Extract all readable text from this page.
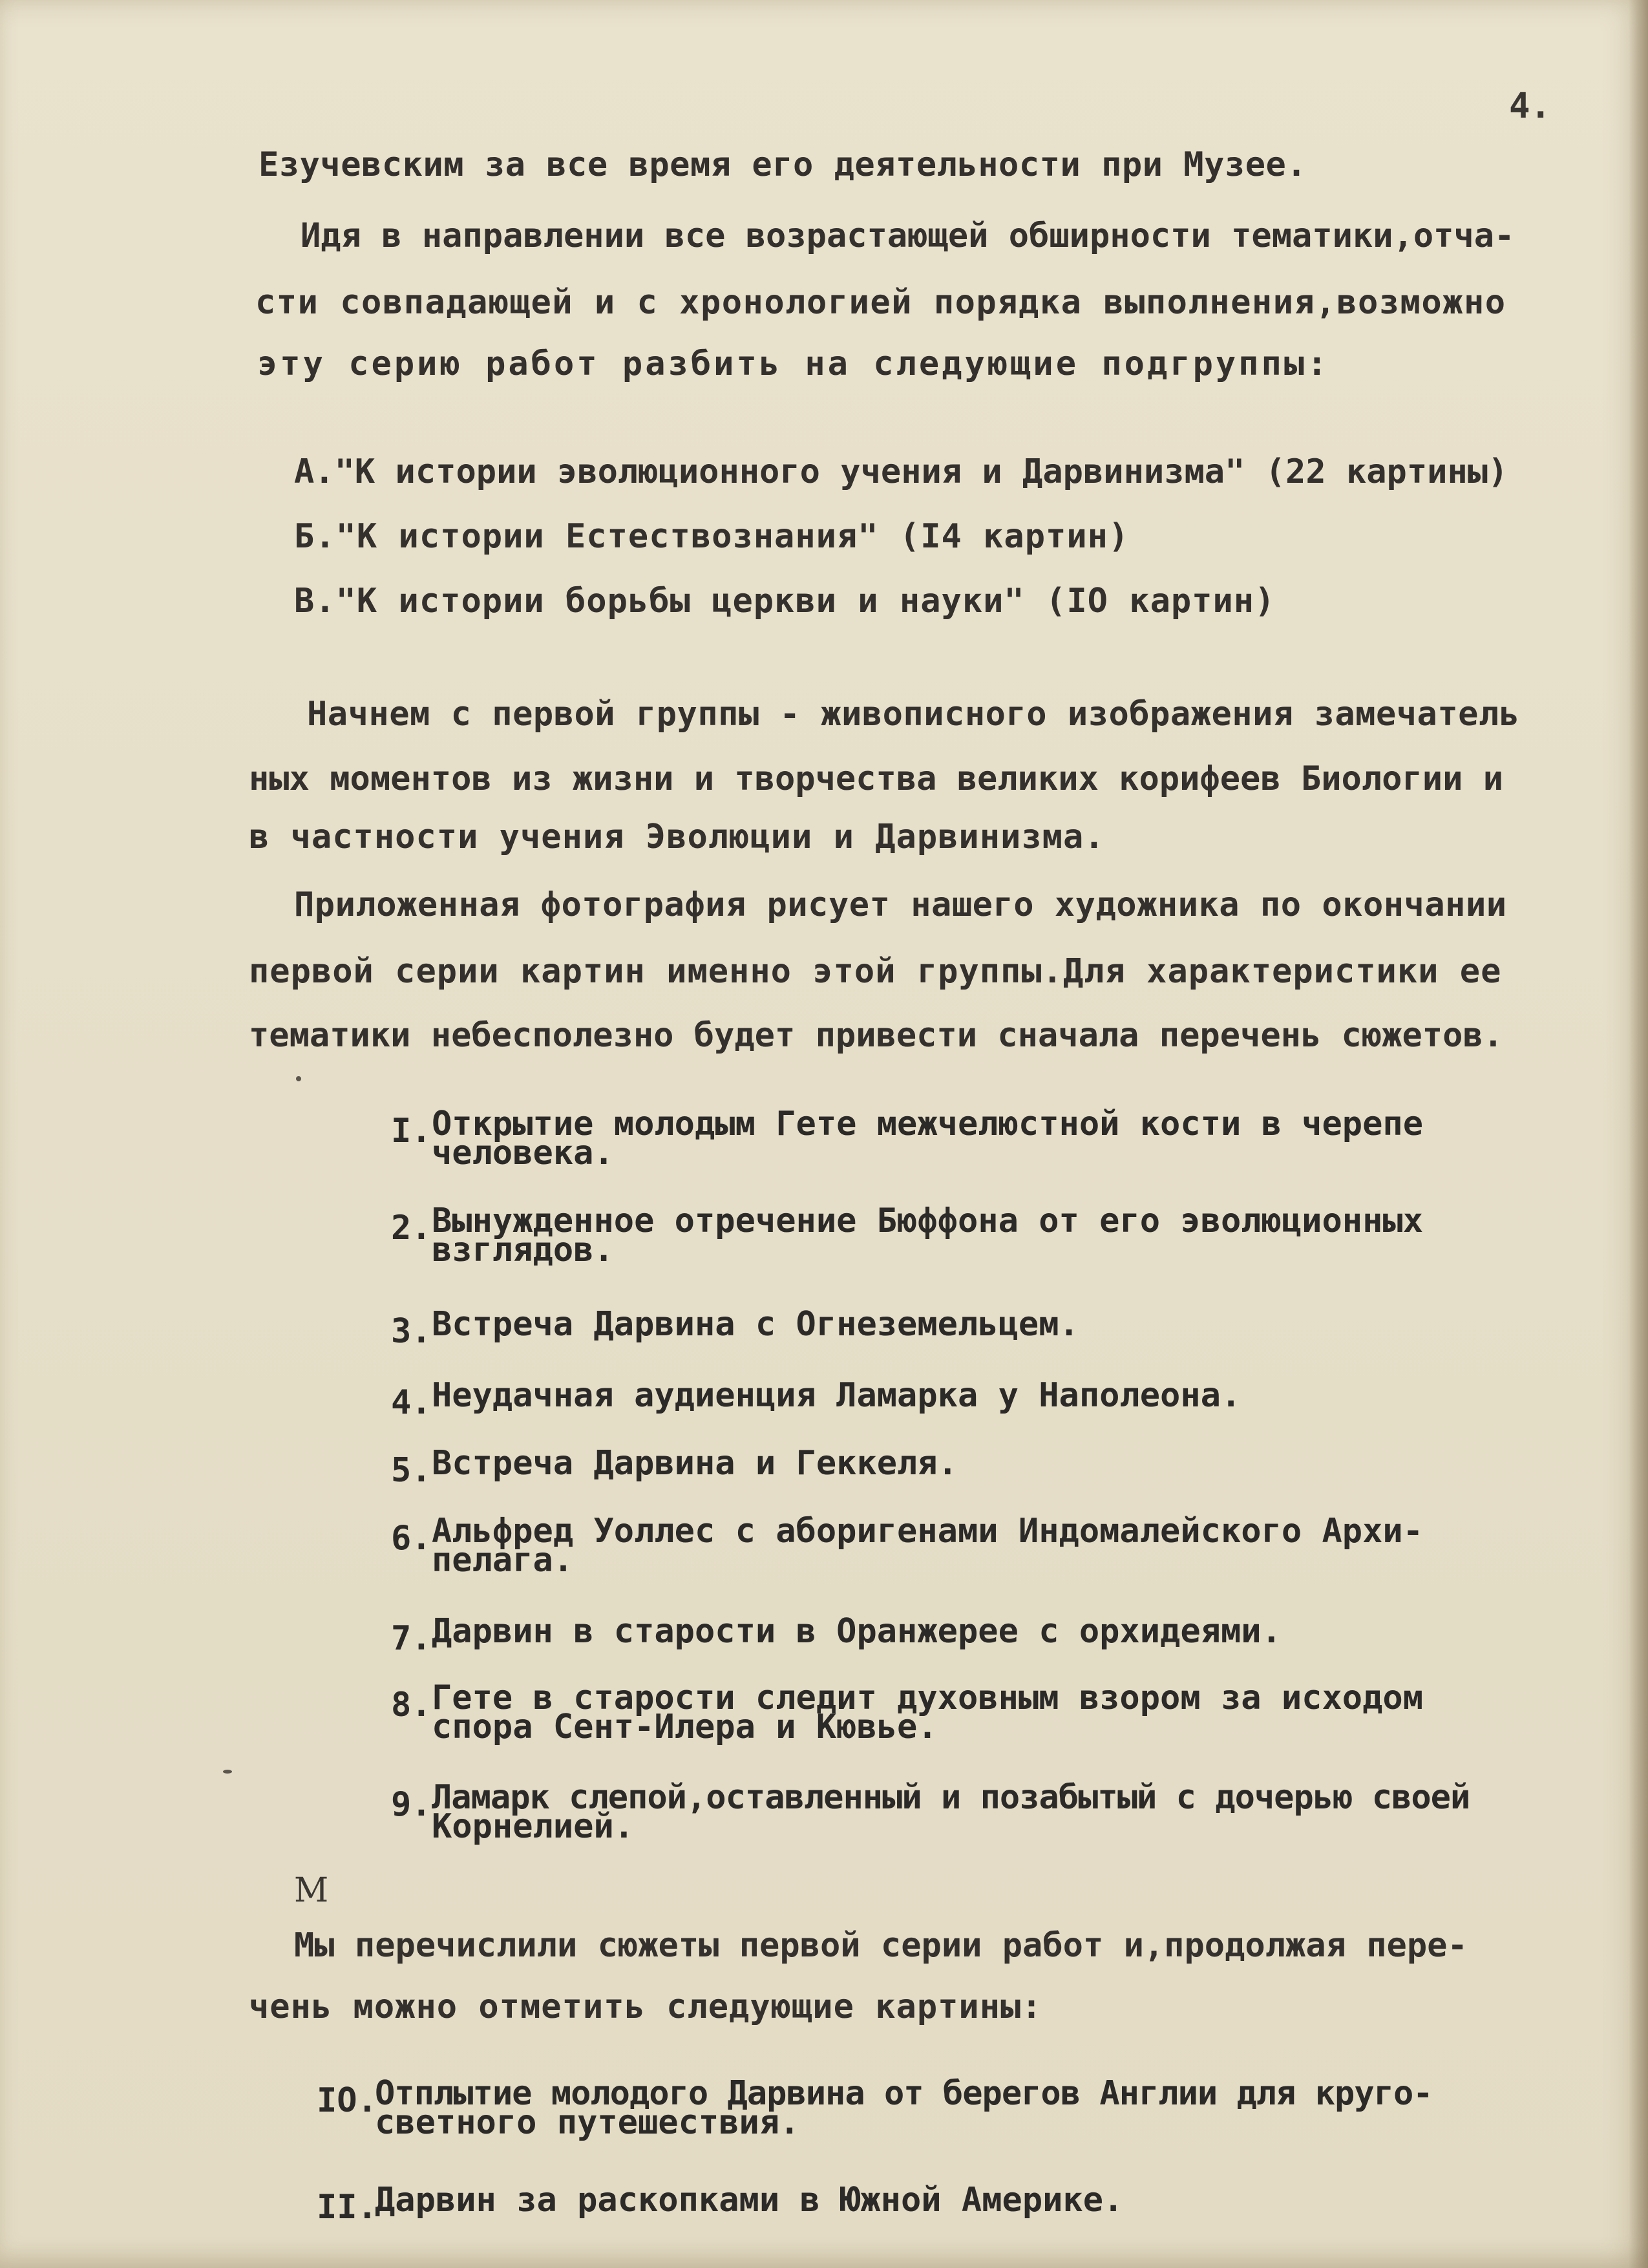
4.
Езучевским за все время его деятельности при Музее.
Идя в направлении все возрастающей обширности тематики,отча-
сти совпадающей и с хронологией порядка выполнения,возможно
эту серию работ разбить на следующие подгруппы:
А."К истории эволюционного учения и Дарвинизма" (22 картины)
Б."К истории Естествознания" (I4 картин)
В."К истории борьбы церкви и науки" (IO картин)
Начнем с первой группы - живописного изображения замечатель
ных моментов из жизни и творчества великих корифеев Биологии и
в частности учения Эволюции и Дарвинизма.
Приложенная фотография рисует нашего художника по окончании
первой серии картин именно этой группы.Для характеристики ее
тематики небесполезно будет привести сначала перечень сюжетов.
I. Открытие молодым Гете межчелюстной кости в черепе
человека.
2. Вынужденное отречение Бюффона от его эволюционных
взглядов.
3. Встреча Дарвина с Огнеземельцем.
4. Неудачная аудиенция Ламарка у Наполеона.
5. Встреча Дарвина и Геккеля.
6. Альфред Уоллес с аборигенами Индомалейского Архи-
пелага.
7. Дарвин в старости в Оранжерее с орхидеями.
8. Гете в старости следит духовным взором за исходом
спора Сент-Илера и Кювье.
9. Ламарк слепой,оставленный и позабытый с дочерью своей
Корнелией.
М
Мы перечислили сюжеты первой серии работ и,продолжая пере-
чень можно отметить следующие картины:
IO.
Отплытие молодого Дарвина от берегов Англии для круго-
светного путешествия.
II.
Дарвин за раскопками в Южной Америке.
